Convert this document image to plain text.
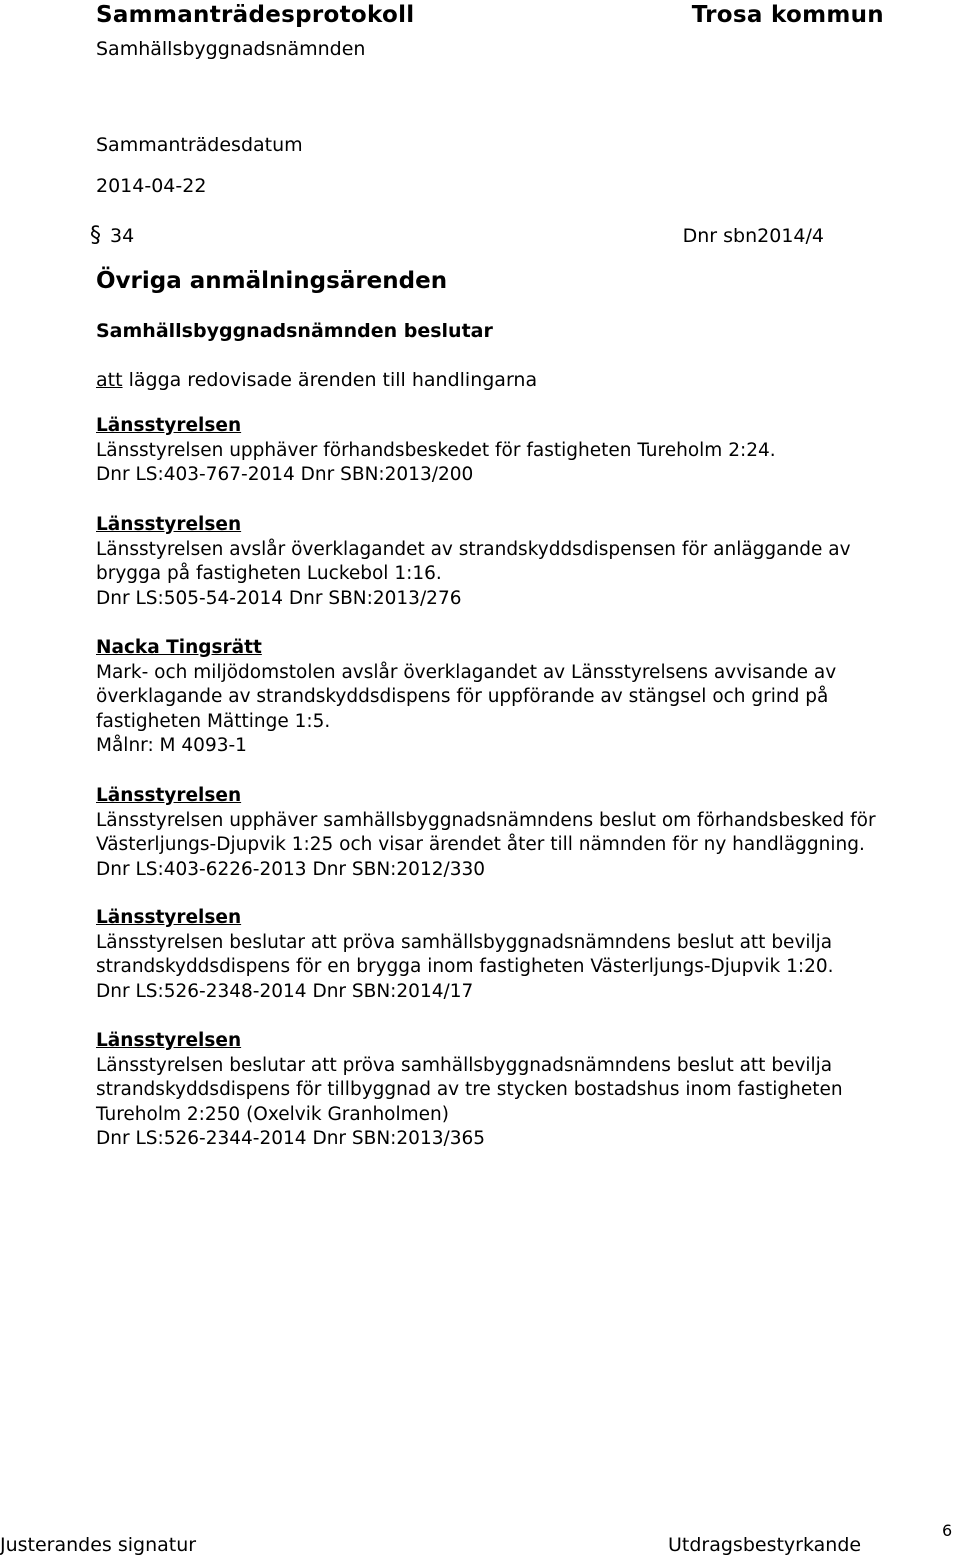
Sammanträdesprotokoll	Trosa kommun
Samhällsbyggnadsnämnden
Sammanträdesdatum
2014-04-22
§ 34	Dnr sbn2014/4
Övriga anmälningsärenden
Samhällsbyggnadsnämnden beslutar
att lägga redovisade ärenden till handlingarna
Länsstyrelsen
Länsstyrelsen upphäver förhandsbeskedet för fastigheten Tureholm 2:24.
Dnr LS:403-767-2014 Dnr SBN:2013/200
Länsstyrelsen
Länsstyrelsen avslår överklagandet av strandskyddsdispensen för anläggande av
brygga på fastigheten Luckebol 1:16.
Dnr LS:505-54-2014 Dnr SBN:2013/276
Nacka Tingsrätt
Mark- och miljödomstolen avslår överklagandet av Länsstyrelsens avvisande av
överklagande av strandskyddsdispens för uppförande av stängsel och grind på
fastigheten Mättinge 1:5.
Målnr: M 4093-1
Länsstyrelsen
Länsstyrelsen upphäver samhällsbyggnadsnämndens beslut om förhandsbesked för
Västerljungs-Djupvik 1:25 och visar ärendet åter till nämnden för ny handläggning.
Dnr LS:403-6226-2013 Dnr SBN:2012/330
Länsstyrelsen
Länsstyrelsen beslutar att pröva samhällsbyggnadsnämndens beslut att bevilja
strandskyddsdispens för en brygga inom fastigheten Västerljungs-Djupvik 1:20.
Dnr LS:526-2348-2014 Dnr SBN:2014/17
Länsstyrelsen
Länsstyrelsen beslutar att pröva samhällsbyggnadsnämndens beslut att bevilja
strandskyddsdispens för tillbyggnad av tre stycken bostadshus inom fastigheten
Tureholm 2:250 (Oxelvik Granholmen)
Dnr LS:526-2344-2014 Dnr SBN:2013/365
Justerandes signatur	Utdragsbestyrkande
6
